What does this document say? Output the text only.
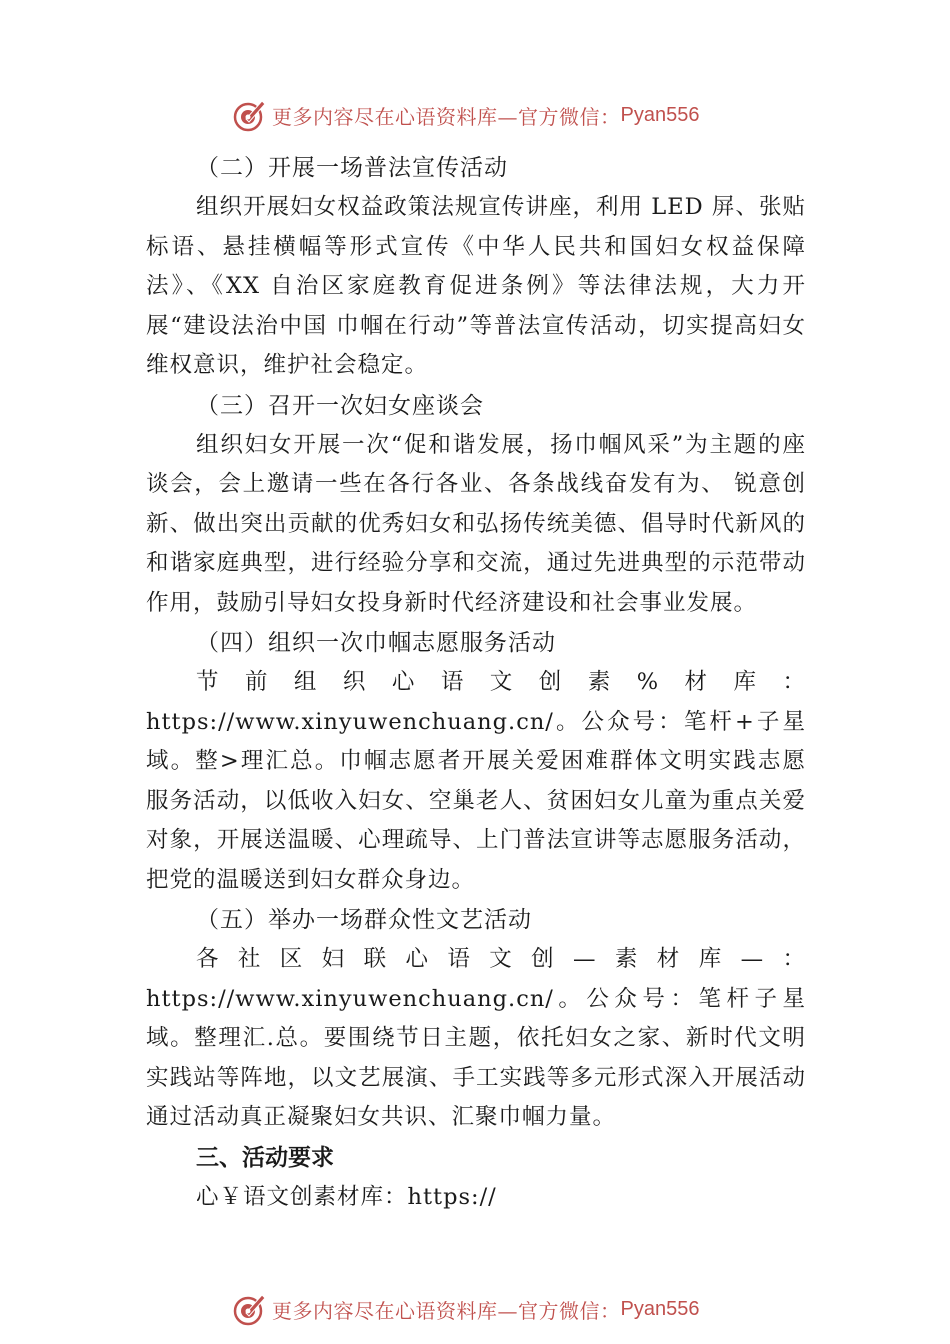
更多内容尽在心语资料库—官方微信： Pyan556

（二）开展一场普法宣传活动

组织开展妇女权益政策法规宣传讲座，利用 LED 屏、张贴标语、悬挂横幅等形式宣传《中华人民共和国妇女权益保障法》、《XX 自治区家庭教育促进条例》等法律法规，大力开展“建设法治中国 巾帼在行动”等普法宣传活动，切实提高妇女维权意识，维护社会稳定。

（三）召开一次妇女座谈会

组织妇女开展一次“促和谐发展，扬巾帼风采”为主题的座谈会，会上邀请一些在各行各业、各条战线奋发有为、 锐意创新、做出突出贡献的优秀妇女和弘扬传统美德、倡导时代新风的和谐家庭典型，进行经验分享和交流，通过先进典型的示范带动作用，鼓励引导妇女投身新时代经济建设和社会事业发展。

（四）组织一次巾帼志愿服务活动

节前组织心语文创素%材库：https://www.xinyuwenchuang.cn/。公众号：笔杆+子星域。整>理汇总。巾帼志愿者开展关爱困难群体文明实践志愿 服务活动，以低收入妇女、空巢老人、贫困妇女儿童为重点关爱对象，开展送温暖、心理疏导、上门普法宣讲等志愿服务活动，把党的温暖送到妇女群众身边。

（五）举办一场群众性文艺活动

各社区妇联心语文创—素材库—：https://www.xinyuwenchuang.cn/。公众号：笔杆子星域。整理汇.总。要围绕节日主题，依托妇女之家、新时代文明实践站等阵地，以文艺展演、手工实践等多元形式深入开展活动通过活动真正凝聚妇女共识、汇聚巾帼力量。

三、活动要求

心￥语文创素材库：https://

更多内容尽在心语资料库—官方微信： Pyan556
